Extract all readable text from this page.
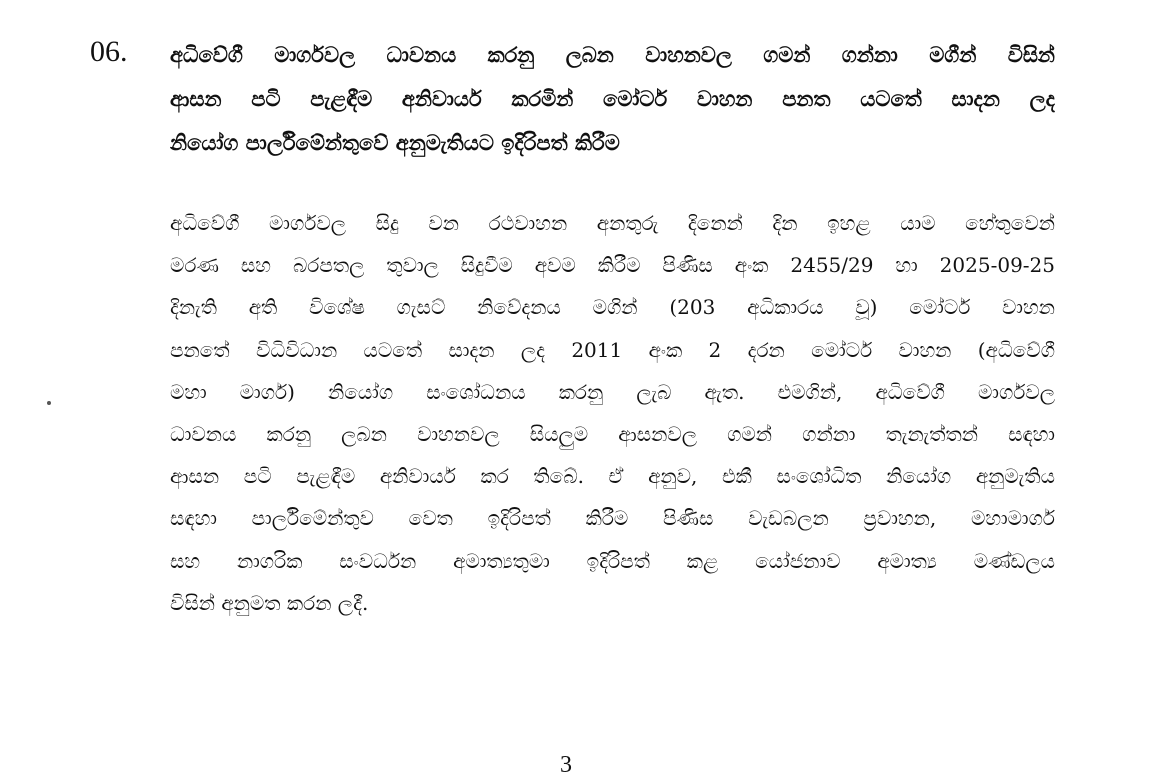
06. අධිවේගී මාර්ගවල ධාවනය කරනු ලබන වාහනවල ගමන් ගන්නා මගීන් විසින්
ආසන පටි පැළඳීම අනිවාර්ය කරමින් මෝටර් වාහන පනත යටතේ සාදන ලද
නියෝග පාර්ලිමේන්තුවේ අනුමැතියට ඉදිරිපත් කිරීම
අධිවේගී මාර්ගවල සිදු වන රථවාහන අනතුරු දිනෙන් දින ඉහළ යාම හේතුවෙන්
මරණ සහ බරපතල තුවාල සිදුවීම අවම කිරීම පිණිස අංක 2455/29 හා 2025-09-25
දිනැති අති විශේෂ ගැසට් නිවේදනය මගින් (203 අධිකාරය වූ) මෝටර් වාහන
පනතේ විධිවිධාන යටතේ සාදන ලද 2011 අංක 2 දරන මෝටර් වාහන (අධිවේගී
මහා මාර්ග) නියෝග සංශෝධනය කරනු ලැබ ඇත. එමගින්, අධිවේගී මාර්ගවල
ධාවනය කරනු ලබන වාහනවල සියලුම ආසනවල ගමන් ගන්නා තැනැත්තන් සඳහා
ආසන පටි පැළඳීම අනිවාර්ය කර තිබේ. ඒ අනුව, එකී සංශෝධිත නියෝග අනුමැතිය
සඳහා පාර්ලිමේන්තුව වෙත ඉදිරිපත් කිරීම පිණිස වැඩබලන ප්‍රවාහන, මහාමාර්ග
සහ නාගරික සංවර්ධන අමාත්‍යතුමා ඉදිරිපත් කළ යෝජනාව අමාත්‍ය මණ්ඩලය
විසින් අනුමත කරන ලදී.
3
